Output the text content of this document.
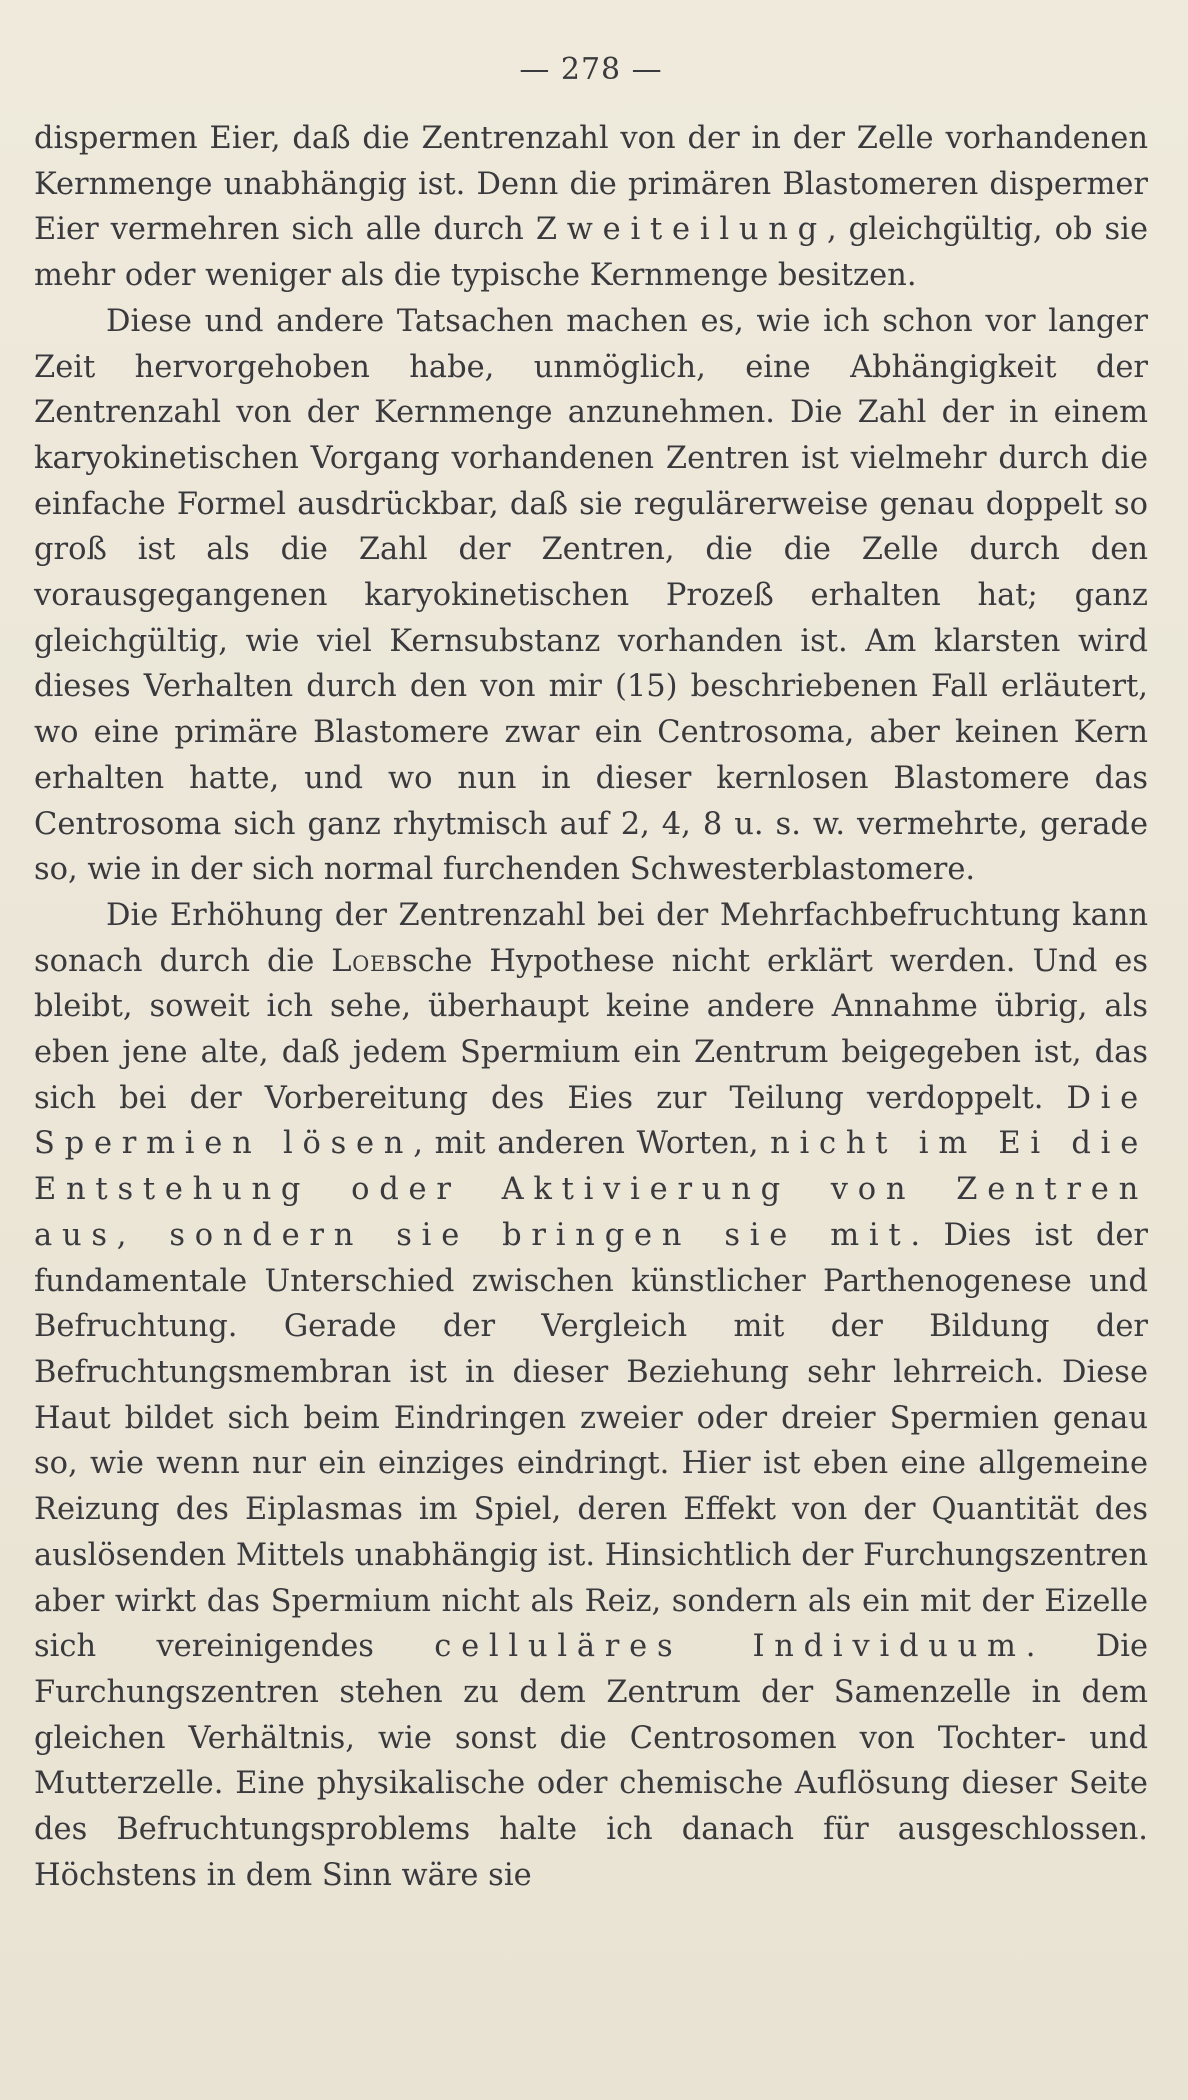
— 278 —

dispermen Eier, daß die Zentrenzahl von der in der Zelle vorhandenen Kernmenge unabhängig ist. Denn die primären Blastomeren dispermer Eier vermehren sich alle durch Zweiteilung, gleichgültig, ob sie mehr oder weniger als die typische Kernmenge besitzen.

Diese und andere Tatsachen machen es, wie ich schon vor langer Zeit hervorgehoben habe, unmöglich, eine Abhängigkeit der Zentrenzahl von der Kernmenge anzunehmen. Die Zahl der in einem karyokinetischen Vorgang vorhandenen Zentren ist vielmehr durch die einfache Formel ausdrückbar, daß sie regulärerweise genau doppelt so groß ist als die Zahl der Zentren, die die Zelle durch den vorausgegangenen karyokinetischen Prozeß erhalten hat; ganz gleichgültig, wie viel Kernsubstanz vorhanden ist. Am klarsten wird dieses Verhalten durch den von mir (15) beschriebenen Fall erläutert, wo eine primäre Blastomere zwar ein Centrosoma, aber keinen Kern erhalten hatte, und wo nun in dieser kernlosen Blastomere das Centrosoma sich ganz rhytmisch auf 2, 4, 8 u. s. w. vermehrte, gerade so, wie in der sich normal furchenden Schwesterblastomere.

Die Erhöhung der Zentrenzahl bei der Mehrfachbefruchtung kann sonach durch die Loebsche Hypothese nicht erklärt werden. Und es bleibt, soweit ich sehe, überhaupt keine andere Annahme übrig, als eben jene alte, daß jedem Spermium ein Zentrum beigegeben ist, das sich bei der Vorbereitung des Eies zur Teilung verdoppelt. Die Spermien lösen, mit anderen Worten, nicht im Ei die Entstehung oder Aktivierung von Zentren aus, sondern sie bringen sie mit. Dies ist der fundamentale Unterschied zwischen künstlicher Parthenogenese und Befruchtung. Gerade der Vergleich mit der Bildung der Befruchtungsmembran ist in dieser Beziehung sehr lehrreich. Diese Haut bildet sich beim Eindringen zweier oder dreier Spermien genau so, wie wenn nur ein einziges eindringt. Hier ist eben eine allgemeine Reizung des Eiplasmas im Spiel, deren Effekt von der Quantität des auslösenden Mittels unabhängig ist. Hinsichtlich der Furchungszentren aber wirkt das Spermium nicht als Reiz, sondern als ein mit der Eizelle sich vereinigendes celluläres Individuum. Die Furchungszentren stehen zu dem Zentrum der Samenzelle in dem gleichen Verhältnis, wie sonst die Centrosomen von Tochter- und Mutterzelle. Eine physikalische oder chemische Auflösung dieser Seite des Befruchtungsproblems halte ich danach für ausgeschlossen. Höchstens in dem Sinn wäre sie
